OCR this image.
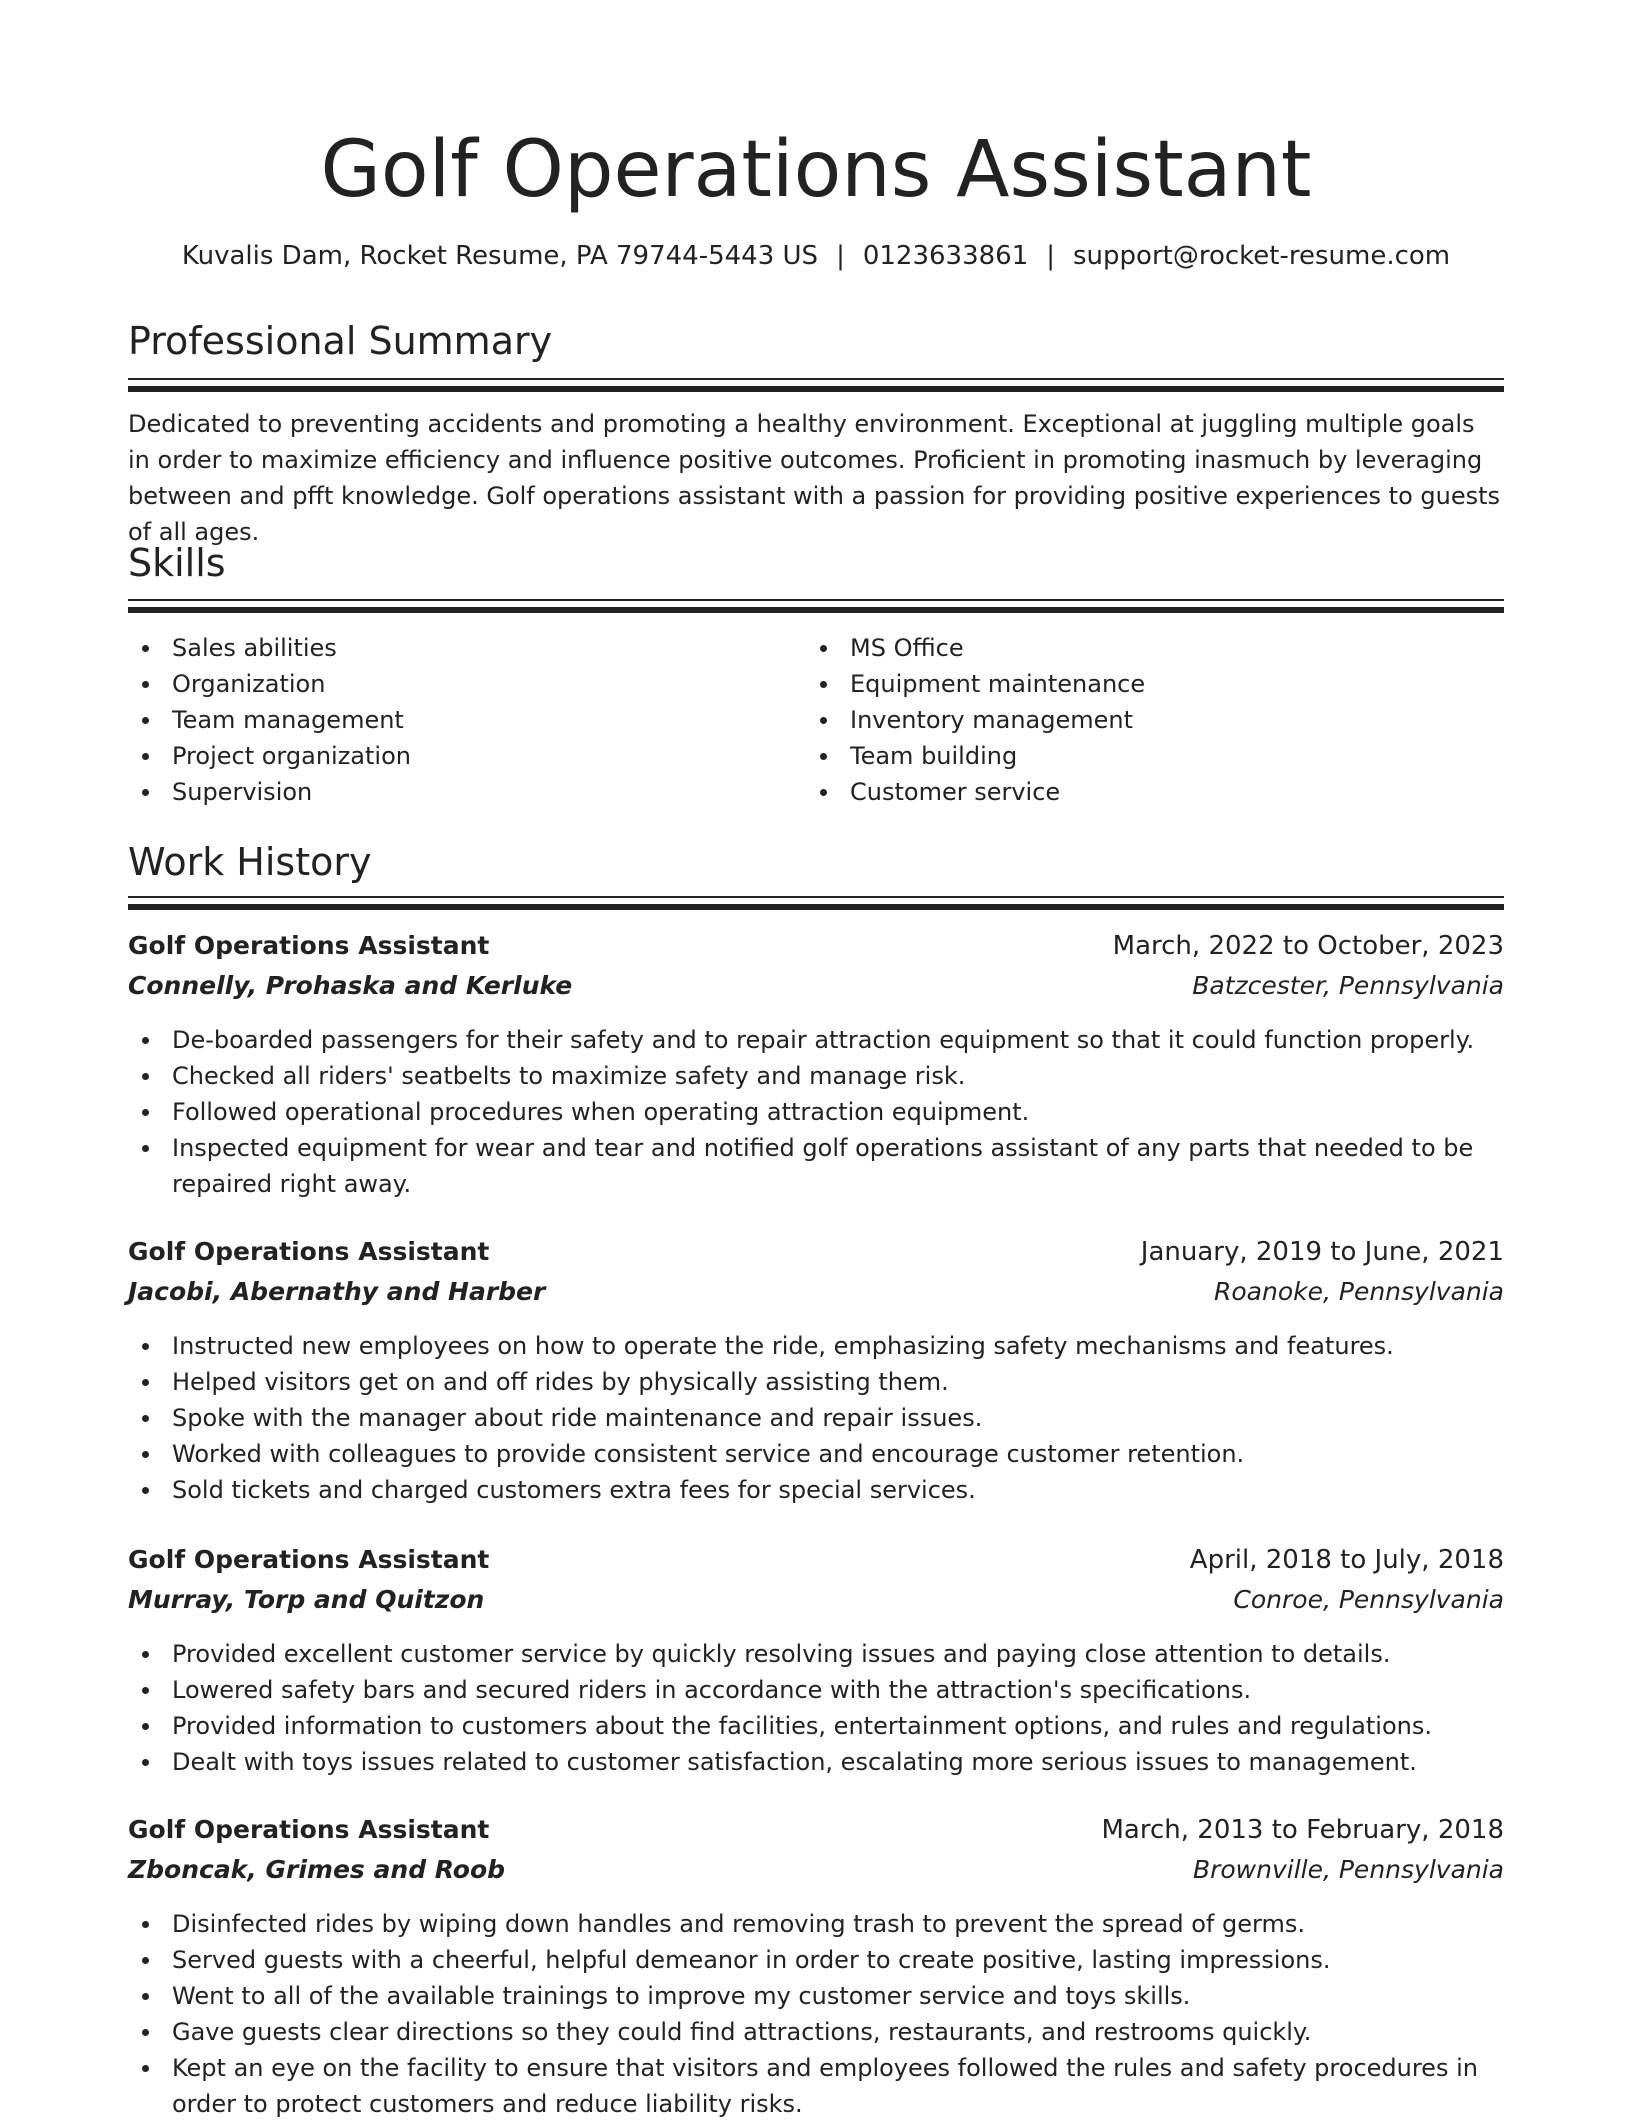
Golf Operations Assistant
Kuvalis Dam, Rocket Resume, PA 79744-5443 US | 0123633861 | support@rocket-resume.com
Professional Summary

Dedicated to preventing accidents and promoting a healthy environment. Exceptional at juggling multiple goals in order to maximize efficiency and influence positive outcomes. Proficient in promoting inasmuch by leveraging between and pfft knowledge. Golf operations assistant with a passion for providing positive experiences to guests of all ages.

Skills
Sales abilities
Organization
Team management
Project organization
Supervision
MS Office
Equipment maintenance
Inventory management
Team building
Customer service
Work History
Golf Operations Assistant	March, 2022 to October, 2023
Connelly, Prohaska and Kerluke	Batzcester, Pennsylvania
De-boarded passengers for their safety and to repair attraction equipment so that it could function properly.
Checked all riders' seatbelts to maximize safety and manage risk.
Followed operational procedures when operating attraction equipment.
Inspected equipment for wear and tear and notified golf operations assistant of any parts that needed to be repaired right away.
Golf Operations Assistant	January, 2019 to June, 2021
Jacobi, Abernathy and Harber	Roanoke, Pennsylvania
Instructed new employees on how to operate the ride, emphasizing safety mechanisms and features.
Helped visitors get on and off rides by physically assisting them.
Spoke with the manager about ride maintenance and repair issues.
Worked with colleagues to provide consistent service and encourage customer retention.
Sold tickets and charged customers extra fees for special services.
Golf Operations Assistant	April, 2018 to July, 2018
Murray, Torp and Quitzon	Conroe, Pennsylvania
Provided excellent customer service by quickly resolving issues and paying close attention to details.
Lowered safety bars and secured riders in accordance with the attraction's specifications.
Provided information to customers about the facilities, entertainment options, and rules and regulations.
Dealt with toys issues related to customer satisfaction, escalating more serious issues to management.
Golf Operations Assistant	March, 2013 to February, 2018
Zboncak, Grimes and Roob	Brownville, Pennsylvania
Disinfected rides by wiping down handles and removing trash to prevent the spread of germs.
Served guests with a cheerful, helpful demeanor in order to create positive, lasting impressions.
Went to all of the available trainings to improve my customer service and toys skills.
Gave guests clear directions so they could find attractions, restaurants, and restrooms quickly.
Kept an eye on the facility to ensure that visitors and employees followed the rules and safety procedures in order to protect customers and reduce liability risks.
